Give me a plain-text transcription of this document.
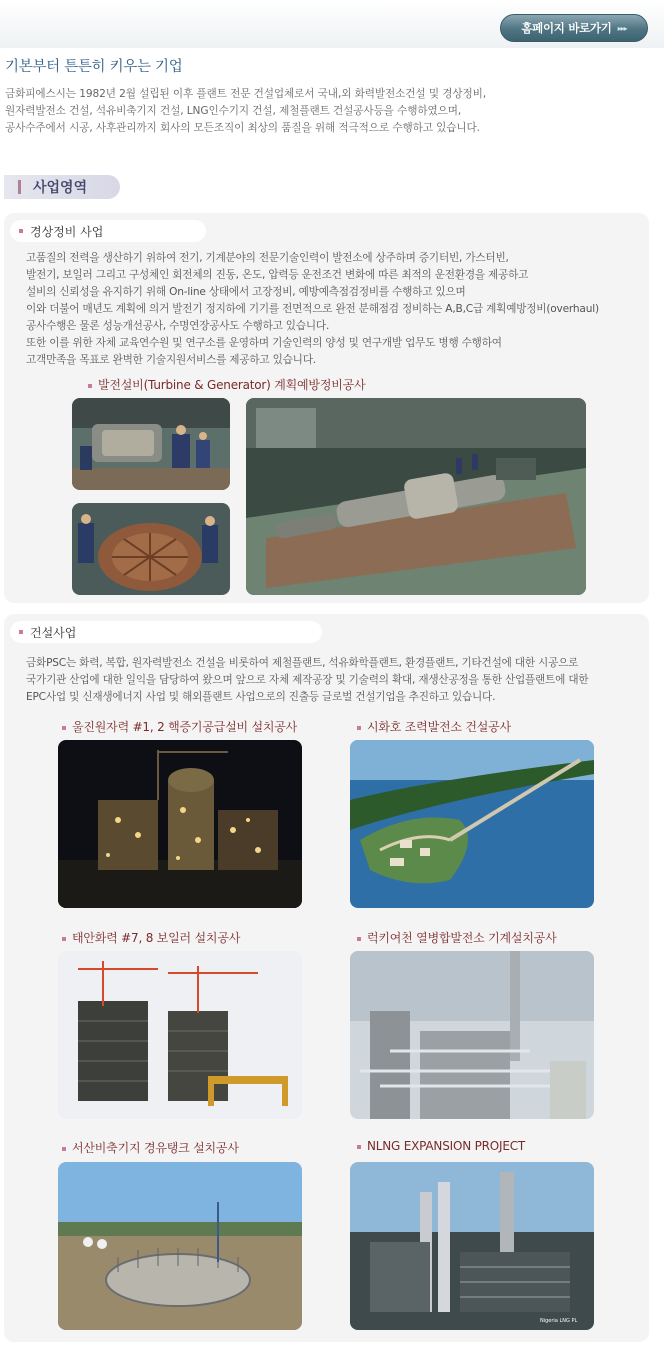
홈페이지 바로가기 ▸▸▸
기본부터 튼튼히 키우는 기업

금화피에스시는 1982년 2월 설립된 이후 플랜트 전문 건설업체로서 국내,외 화력발전소건설 및 경상정비,

원자력발전소 건설, 석유비축기지 건설, LNG인수기지 건설, 제철플랜트 건설공사등을 수행하였으며,

공사수주에서 시공, 사후관리까지 회사의 모든조직이 최상의 품질을 위해 적극적으로 수행하고 있습니다.

사업영역
경상정비 사업

고품질의 전력을 생산하기 위하여 전기, 기계분야의 전문기술인력이 발전소에 상주하며 증기터빈, 가스터빈,

발전기, 보일러 그리고 구성체인 회전체의 진동, 온도, 압력등 운전조건 변화에 따른 최적의 운전환경을 제공하고

설비의 신뢰성을 유지하기 위해 On-line 상태에서 고장정비, 예방예측점검정비를 수행하고 있으며

이와 더불어 매년도 계획에 의거 발전기 정지하에 기기를 전면적으로 완전 분해점검 정비하는 A,B,C급 계획예방정비(overhaul)

공사수행은 물론 성능개선공사, 수명연장공사도 수행하고 있습니다.

또한 이를 위한 자체 교육연수원 및 연구소를 운영하며 기술인력의 양성 및 연구개발 업무도 병행 수행하여

고객만족을 목표로 완벽한 기술지원서비스를 제공하고 있습니다.

발전설비(Turbine & Generator) 계획예방정비공사
건설사업

금화PSC는 화력, 복합, 원자력발전소 건설을 비롯하여 제철플랜트, 석유화학플랜트, 환경플랜트, 기타건설에 대한 시공으로

국가기관 산업에 대한 일익을 담당하여 왔으며 앞으로 자체 제작공장 및 기술력의 확대, 재생산공정을 통한 산업플랜트에 대한

EPC사업 및 신재생에너지 사업 및 해외플랜트 사업으로의 진출등 글로벌 건설기업을 추진하고 있습니다.

울진원자력 #1, 2 핵증기공급설비 설치공사	시화호 조력발전소 건설공사
태안화력 #7, 8 보일러 설치공사	럭키여천 열병합발전소 기계설치공사
서산비축기지 경유탱크 설치공사	NLNG EXPANSION PROJECT
Nigeria LNG PL
